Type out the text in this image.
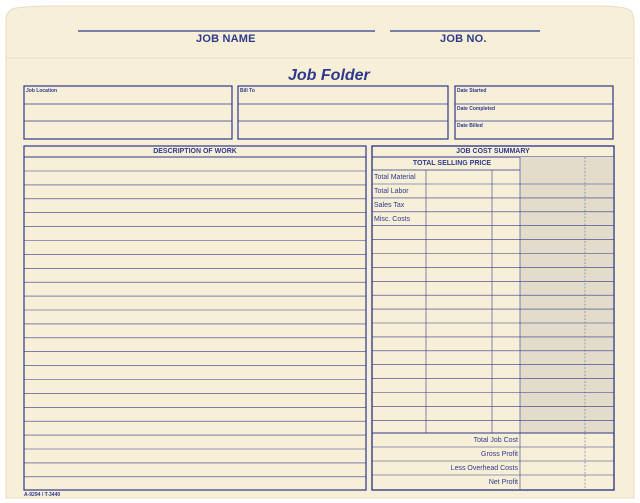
JOB NAME	JOB NO.
Job Folder
Job Location	Bill To	Date Started
Date Completed
Date Billed
DESCRIPTION OF WORK	JOB COST SUMMARY
TOTAL SELLING PRICE
Total Material
Total Labor
Sales Tax
Misc. Costs
Total Job Cost
Gross Profit
Less Overhead Costs
Net Profit
A-9294 / T-3440
